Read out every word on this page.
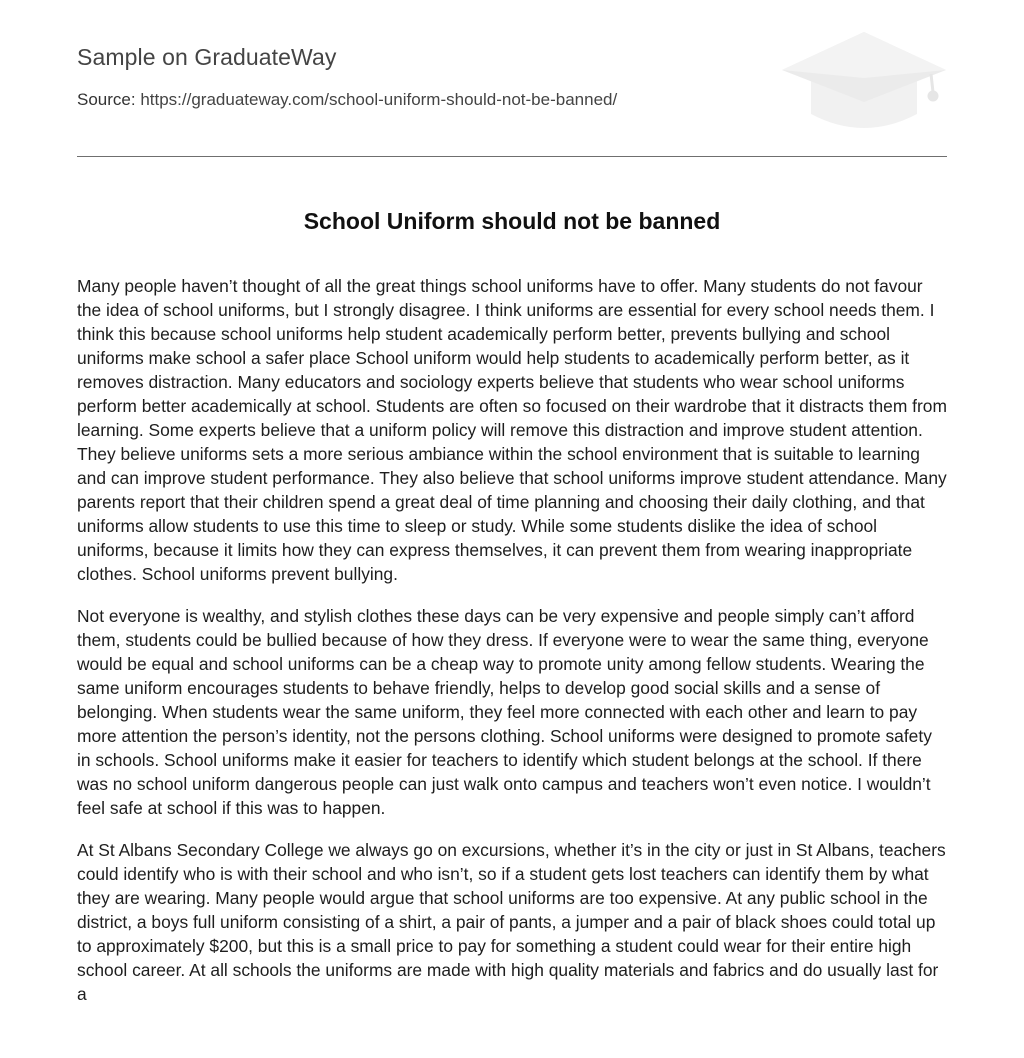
Sample on GraduateWay
Source: https://graduateway.com/school-uniform-should-not-be-banned/
School Uniform should not be banned

Many people haven’t thought of all the great things school uniforms have to offer. Many students do not favour the idea of school uniforms, but I strongly disagree. I think uniforms are essential for every school needs them. I think this because school uniforms help student academically perform better, prevents bullying and school uniforms make school a safer place School uniform would help students to academically perform better, as it removes distraction. Many educators and sociology experts believe that students who wear school uniforms perform better academically at school. Students are often so focused on their wardrobe that it distracts them from learning. Some experts believe that a uniform policy will remove this distraction and improve student attention. They believe uniforms sets a more serious ambiance within the school environment that is suitable to learning and can improve student performance. They also believe that school uniforms improve student attendance. Many parents report that their children spend a great deal of time planning and choosing their daily clothing, and that uniforms allow students to use this time to sleep or study. While some students dislike the idea of school uniforms, because it limits how they can express themselves, it can prevent them from wearing inappropriate clothes. School uniforms prevent bullying.

Not everyone is wealthy, and stylish clothes these days can be very expensive and people simply can’t afford them, students could be bullied because of how they dress. If everyone were to wear the same thing, everyone would be equal and school uniforms can be a cheap way to promote unity among fellow students. Wearing the same uniform encourages students to behave friendly, helps to develop good social skills and a sense of belonging. When students wear the same uniform, they feel more connected with each other and learn to pay more attention the person’s identity, not the persons clothing. School uniforms were designed to promote safety in schools. School uniforms make it easier for teachers to identify which student belongs at the school. If there was no school uniform dangerous people can just walk onto campus and teachers won’t even notice. I wouldn’t feel safe at school if this was to happen.

At St Albans Secondary College we always go on excursions, whether it’s in the city or just in St Albans, teachers could identify who is with their school and who isn’t, so if a student gets lost teachers can identify them by what they are wearing. Many people would argue that school uniforms are too expensive. At any public school in the district, a boys full uniform consisting of a shirt, a pair of pants, a jumper and a pair of black shoes could total up to approximately $200, but this is a small price to pay for something a student could wear for their entire high school career. At all schools the uniforms are made with high quality materials and fabrics and do usually last for a
